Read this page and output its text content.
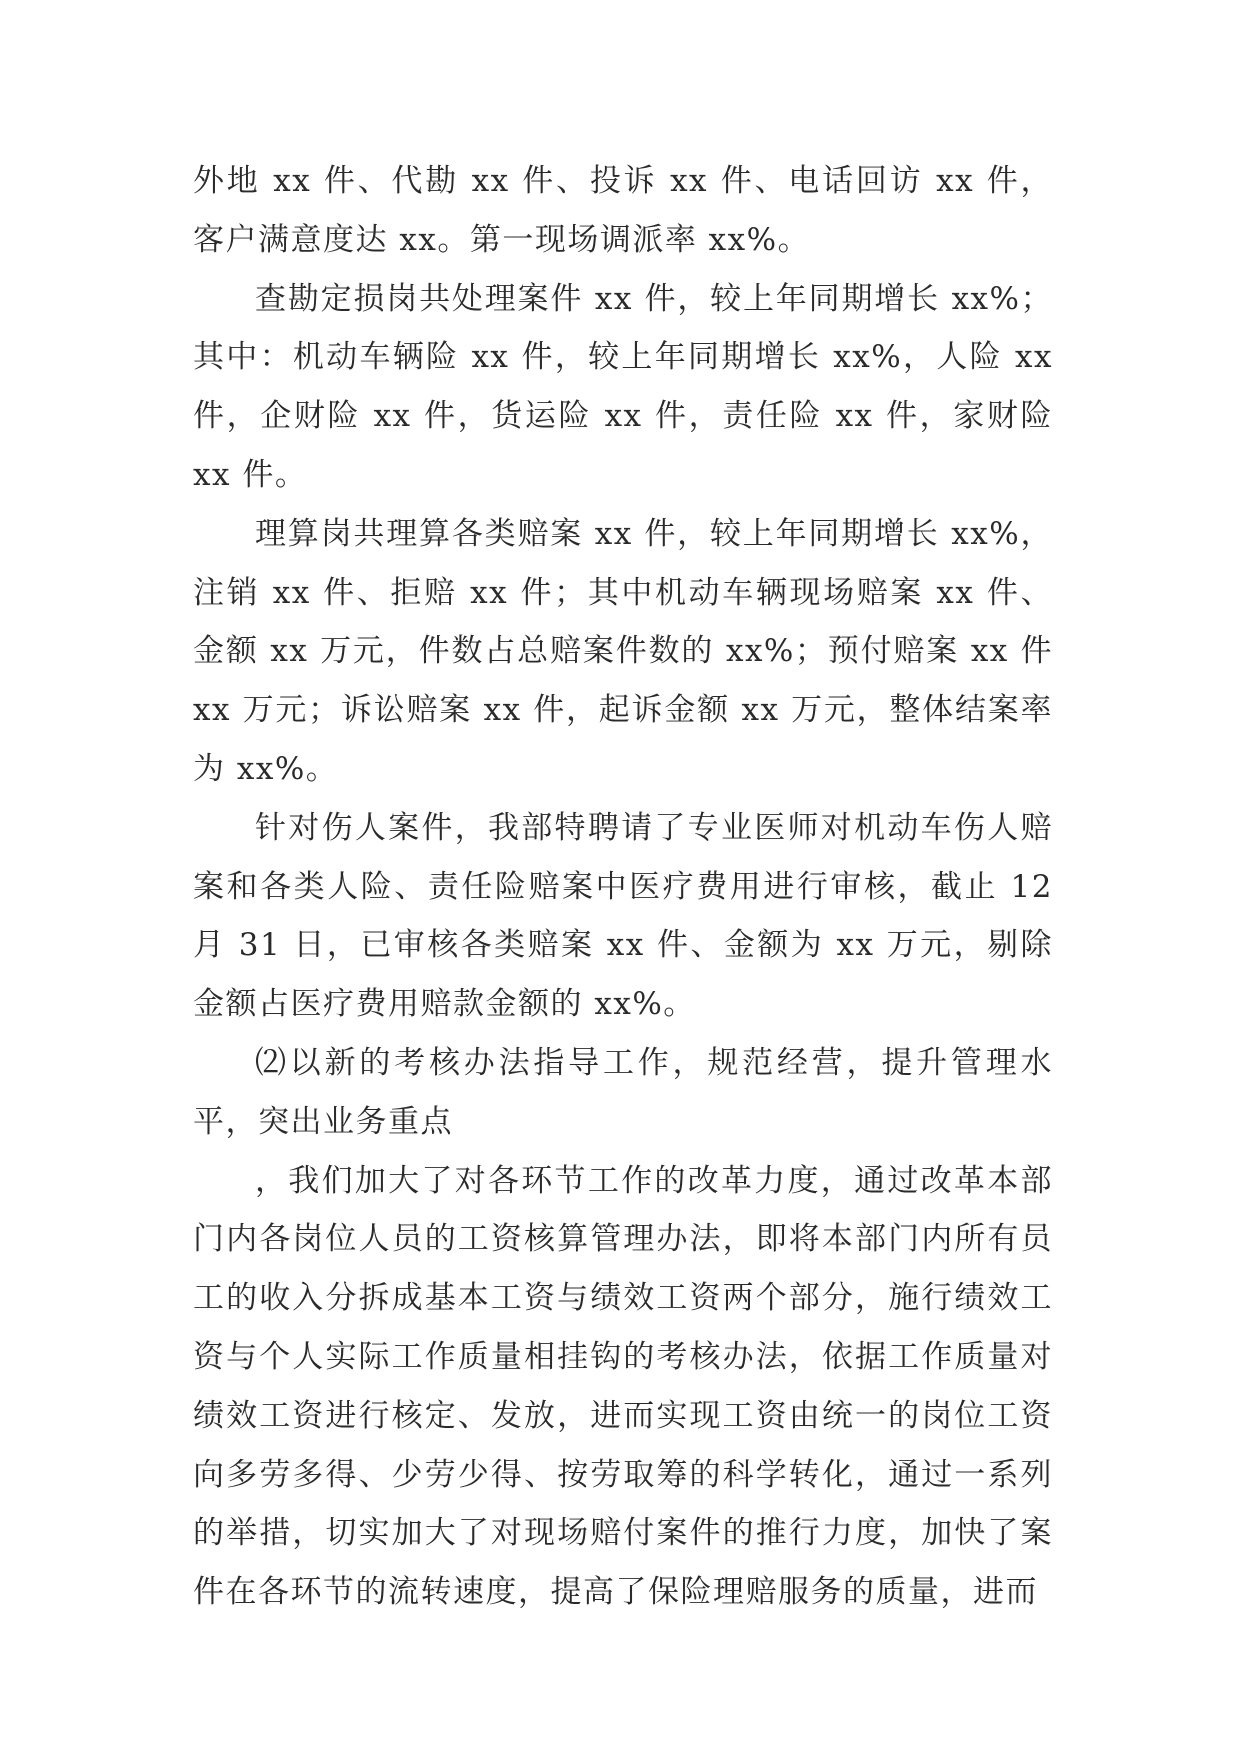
外地 xx 件、代勘 xx 件、投诉 xx 件、电话回访 xx 件，客户满意度达 xx。第一现场调派率 xx%。

查勘定损岗共处理案件 xx 件，较上年同期增长 xx%；其中：机动车辆险 xx 件，较上年同期增长 xx%，人险 xx 件，企财险 xx 件，货运险 xx 件，责任险 xx 件，家财险 xx 件。

理算岗共理算各类赔案 xx 件，较上年同期增长 xx%，注销 xx 件、拒赔 xx 件；其中机动车辆现场赔案 xx 件、金额 xx 万元，件数占总赔案件数的 xx%；预付赔案 xx 件 xx 万元；诉讼赔案 xx 件，起诉金额 xx 万元，整体结案率为 xx%。

针对伤人案件，我部特聘请了专业医师对机动车伤人赔案和各类人险、责任险赔案中医疗费用进行审核，截止 12 月 31 日，已审核各类赔案 xx 件、金额为 xx 万元，剔除金额占医疗费用赔款金额的 xx%。

⑵以新的考核办法指导工作，规范经营，提升管理水平，突出业务重点

，我们加大了对各环节工作的改革力度，通过改革本部门内各岗位人员的工资核算管理办法，即将本部门内所有员工的收入分拆成基本工资与绩效工资两个部分，施行绩效工资与个人实际工作质量相挂钩的考核办法，依据工作质量对绩效工资进行核定、发放，进而实现工资由统一的岗位工资向多劳多得、少劳少得、按劳取筹的科学转化，通过一系列的举措，切实加大了对现场赔付案件的推行力度，加快了案件在各环节的流转速度，提高了保险理赔服务的质量，进而
